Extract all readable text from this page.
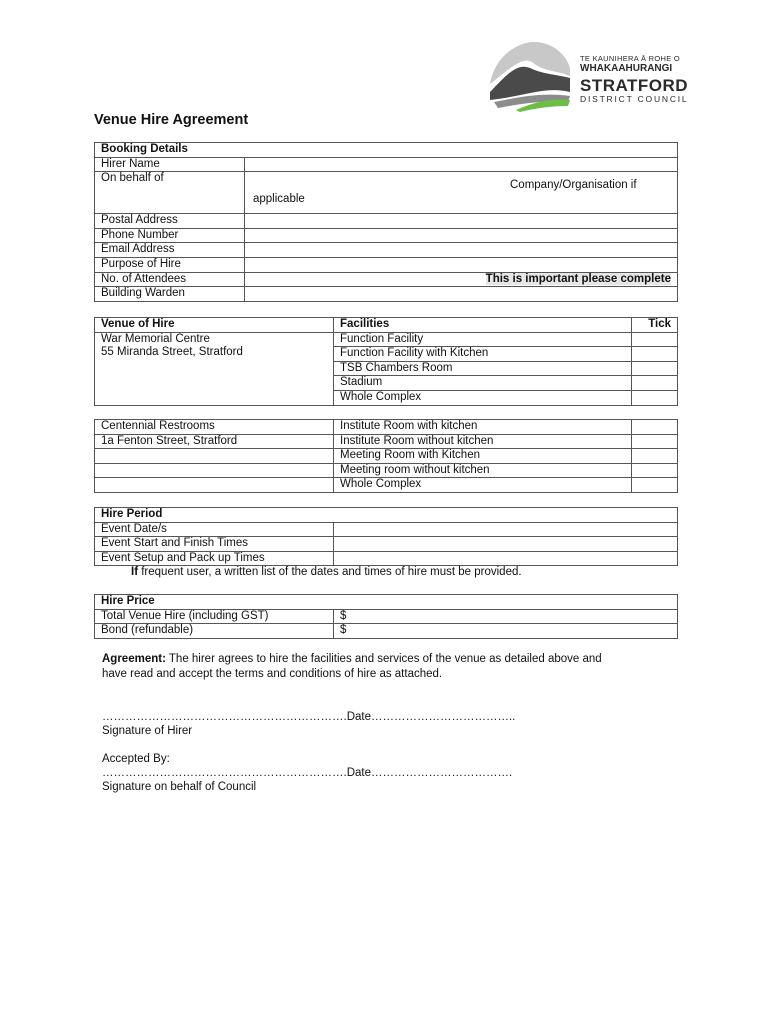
TE KAUNIHERA Ā ROHE O
WHAKAAHURANGI
STRATFORD
DISTRICT COUNCIL
Venue Hire Agreement
Booking Details	
Hirer Name	
On behalf of	Company/Organisation if
applicable

Postal Address	
Phone Number	
Email Address	
Purpose of Hire	
No. of Attendees	This is important please complete
Building Warden	
Venue of Hire	Facilities	Tick

War Memorial Centre
55 Miranda Street, Stratford	Function Facility	
	Function Facility with Kitchen	
	TSB Chambers Room	
	Stadium	
	Whole Complex	
Centennial Restrooms	Institute Room with kitchen	
1a Fenton Street, Stratford	Institute Room without kitchen	
	Meeting Room with Kitchen	
	Meeting room without kitchen	
	Whole Complex	
Hire Period	
Event Date/s	
Event Start and Finish Times	
Event Setup and Pack up Times	
If frequent user, a written list of the dates and times of hire must be provided.
Hire Price	
Total Venue Hire (including GST)	$
Bond (refundable)	$
Agreement: The hirer agrees to hire the facilities and services of the venue as detailed above and
have read and accept the terms and conditions of hire as attached.
……………………………………………………….Date………………………………..
Signature of Hirer
Accepted By:
……………………………………………………….Date……………………………….
Signature on behalf of Council
